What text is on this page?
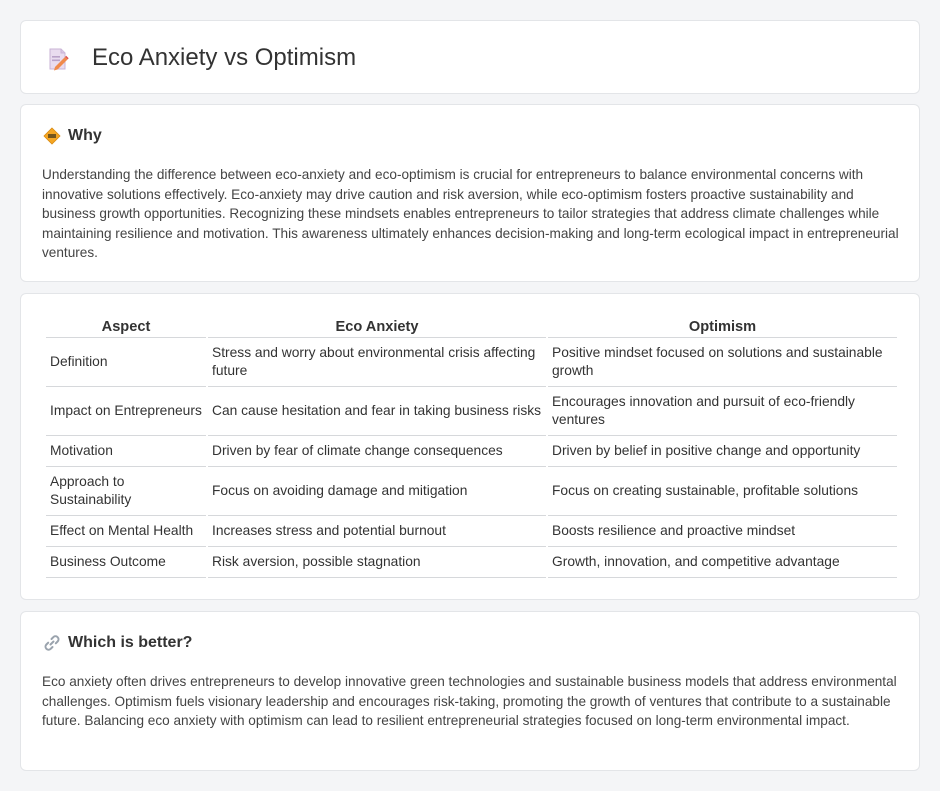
Eco Anxiety vs Optimism
Why

Understanding the difference between eco-anxiety and eco-optimism is crucial for entrepreneurs to balance environmental concerns with innovative solutions effectively. Eco-anxiety may drive caution and risk aversion, while eco-optimism fosters proactive sustainability and business growth opportunities. Recognizing these mindsets enables entrepreneurs to tailor strategies that address climate challenges while maintaining resilience and motivation. This awareness ultimately enhances decision-making and long-term ecological impact in entrepreneurial ventures.

Aspect	Eco Anxiety	Optimism
Definition	Stress and worry about environmental crisis affecting future	Positive mindset focused on solutions and sustainable growth
Impact on Entrepreneurs	Can cause hesitation and fear in taking business risks	Encourages innovation and pursuit of eco-friendly ventures
Motivation	Driven by fear of climate change consequences	Driven by belief in positive change and opportunity
Approach to Sustainability	Focus on avoiding damage and mitigation	Focus on creating sustainable, profitable solutions
Effect on Mental Health	Increases stress and potential burnout	Boosts resilience and proactive mindset
Business Outcome	Risk aversion, possible stagnation	Growth, innovation, and competitive advantage
Which is better?

Eco anxiety often drives entrepreneurs to develop innovative green technologies and sustainable business models that address environmental challenges. Optimism fuels visionary leadership and encourages risk-taking, promoting the growth of ventures that contribute to a sustainable future. Balancing eco anxiety with optimism can lead to resilient entrepreneurial strategies focused on long-term environmental impact.
